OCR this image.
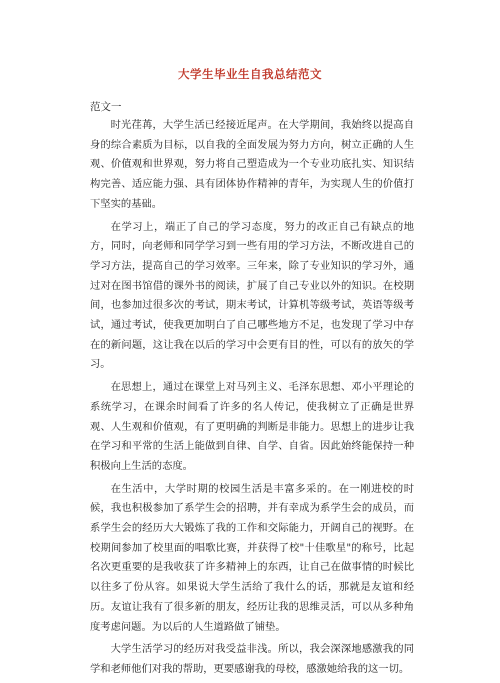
大学生毕业生自我总结范文
范文一

时光荏苒，大学生活已经接近尾声。在大学期间，我始终以提高自身的综合素质为目标，以自我的全面发展为努力方向，树立正确的人生观、价值观和世界观，努力将自己塑造成为一个专业功底扎实、知识结构完善、适应能力强、具有团体协作精神的青年，为实现人生的价值打下坚实的基础。

在学习上，端正了自己的学习态度，努力的改正自己有缺点的地方，同时，向老师和同学学习到一些有用的学习方法，不断改进自己的学习方法，提高自己的学习效率。三年来，除了专业知识的学习外，通过对在图书馆借的课外书的阅读，扩展了自己专业以外的知识。在校期间，也参加过很多次的考试，期末考试，计算机等级考试，英语等级考试，通过考试，使我更加明白了自己哪些地方不足，也发现了学习中存在的新问题，这让我在以后的学习中会更有目的性，可以有的放矢的学习。

在思想上，通过在课堂上对马列主义、毛泽东思想、邓小平理论的系统学习，在课余时间看了许多的名人传记，使我树立了正确是世界观、人生观和价值观，有了更明确的判断是非能力。思想上的进步让我在学习和平常的生活上能做到自律、自学、自省。因此始终能保持一种积极向上生活的态度。

在生活中，大学时期的校园生活是丰富多采的。在一刚进校的时候，我也积极参加了系学生会的招聘，并有幸成为系学生会的成员，而系学生会的经历大大锻炼了我的工作和交际能力，开阔自己的视野。在校期间参加了校里面的唱歌比赛，并获得了校"十佳歌星"的称号，比起名次更重要的是我收获了许多精神上的东西，让自己在做事情的时候比以往多了份从容。如果说大学生活给了我什么的话，那就是友谊和经历。友谊让我有了很多新的朋友，经历让我的思维灵活，可以从多种角度考虑问题。为以后的人生道路做了铺垫。

大学生活学习的经历对我受益非浅。所以，我会深深地感激我的同学和老师他们对我的帮助，更要感谢我的母校，感激她给我的这一切。
